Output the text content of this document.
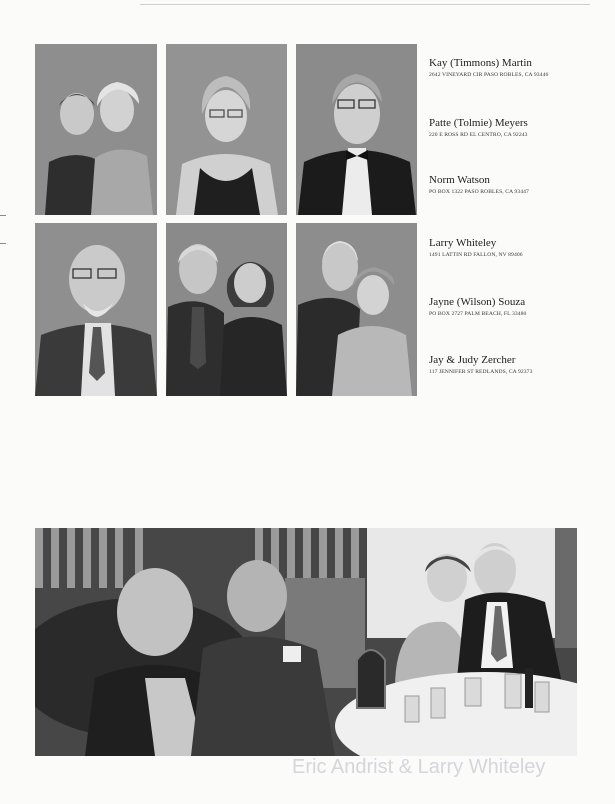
Kay (Timmons) Martin
2642 VINEYARD CIR PASO ROBLES, CA 93446
Patte (Tolmie) Meyers
220 E ROSS RD EL CENTRO, CA 92243
Norm Watson
PO BOX 1322 PASO ROBLES, CA 93447
Larry Whiteley
1491 LATTIN RD FALLON, NV 89406
Jayne (Wilson) Souza
PO BOX 2727 PALM BEACH, FL 33480
Jay & Judy Zercher
117 JENNIFER ST REDLANDS, CA 92373
Eric Andrist & Larry Whiteley
